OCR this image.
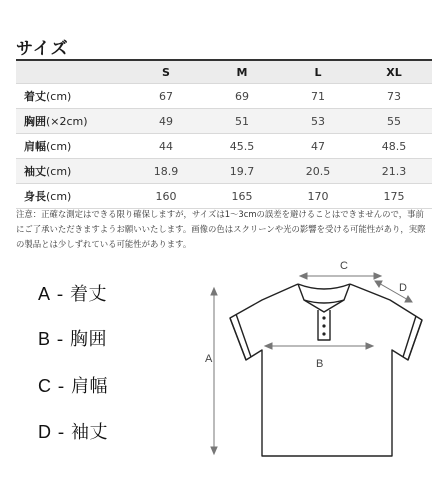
サイズ
	S	M	L	XL
着丈(cm)	67	69	71	73
胸囲(×2cm)	49	51	53	55
肩幅(cm)	44	45.5	47	48.5
袖丈(cm)	18.9	19.7	20.5	21.3
身長(cm)	160	165	170	175
注意：正確な測定はできる限り確保しますが，サイズは1〜3cmの誤差を避けることはできませんので，事前にご了承いただきますようお願いいたします。画像の色はスクリーンや光の影響を受ける可能性があり，実際の製品とは少しずれている可能性があります。
A - 着丈
B - 胸囲
C - 肩幅
D - 袖丈
A
C
B
D
